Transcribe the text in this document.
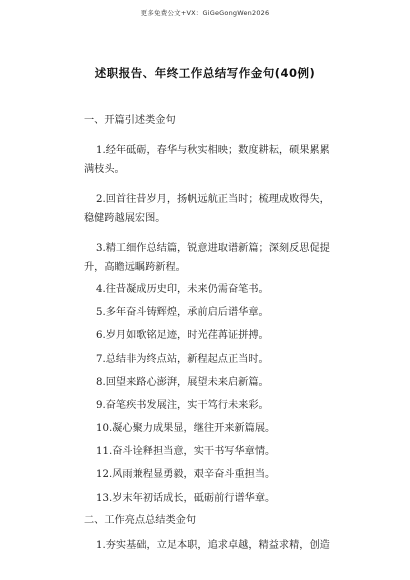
更多免费公文+VX：GiGeGongWen2026
述职报告、年终工作总结写作金句(40例)
一、开篇引述类金句
1.经年砥砺，春华与秋实相映；数度耕耘，硕果累累
满枝头。
2.回首往昔岁月，扬帆远航正当时；梳理成败得失，
稳健跨越展宏图。
3.精工细作总结篇，锐意进取谱新篇；深刻反思促提
升，高瞻远瞩跨新程。
4.往昔凝成历史印，未来仍需奋笔书。
5.多年奋斗铸辉煌，承前启后谱华章。
6.岁月如歌铭足迹，时光荏苒证拼搏。
7.总结非为终点站，新程起点正当时。
8.回望来路心澎湃，展望未来启新篇。
9.奋笔疾书发展注，实干笃行未来彩。
10.凝心聚力成果显，继往开来新篇展。
11.奋斗诠释担当意，实干书写华章情。
12.风雨兼程显勇毅，艰辛奋斗重担当。
13.岁末年初话成长，砥砺前行谱华章。
二、工作亮点总结类金句
1.夯实基础，立足本职，追求卓越，精益求精，创造
